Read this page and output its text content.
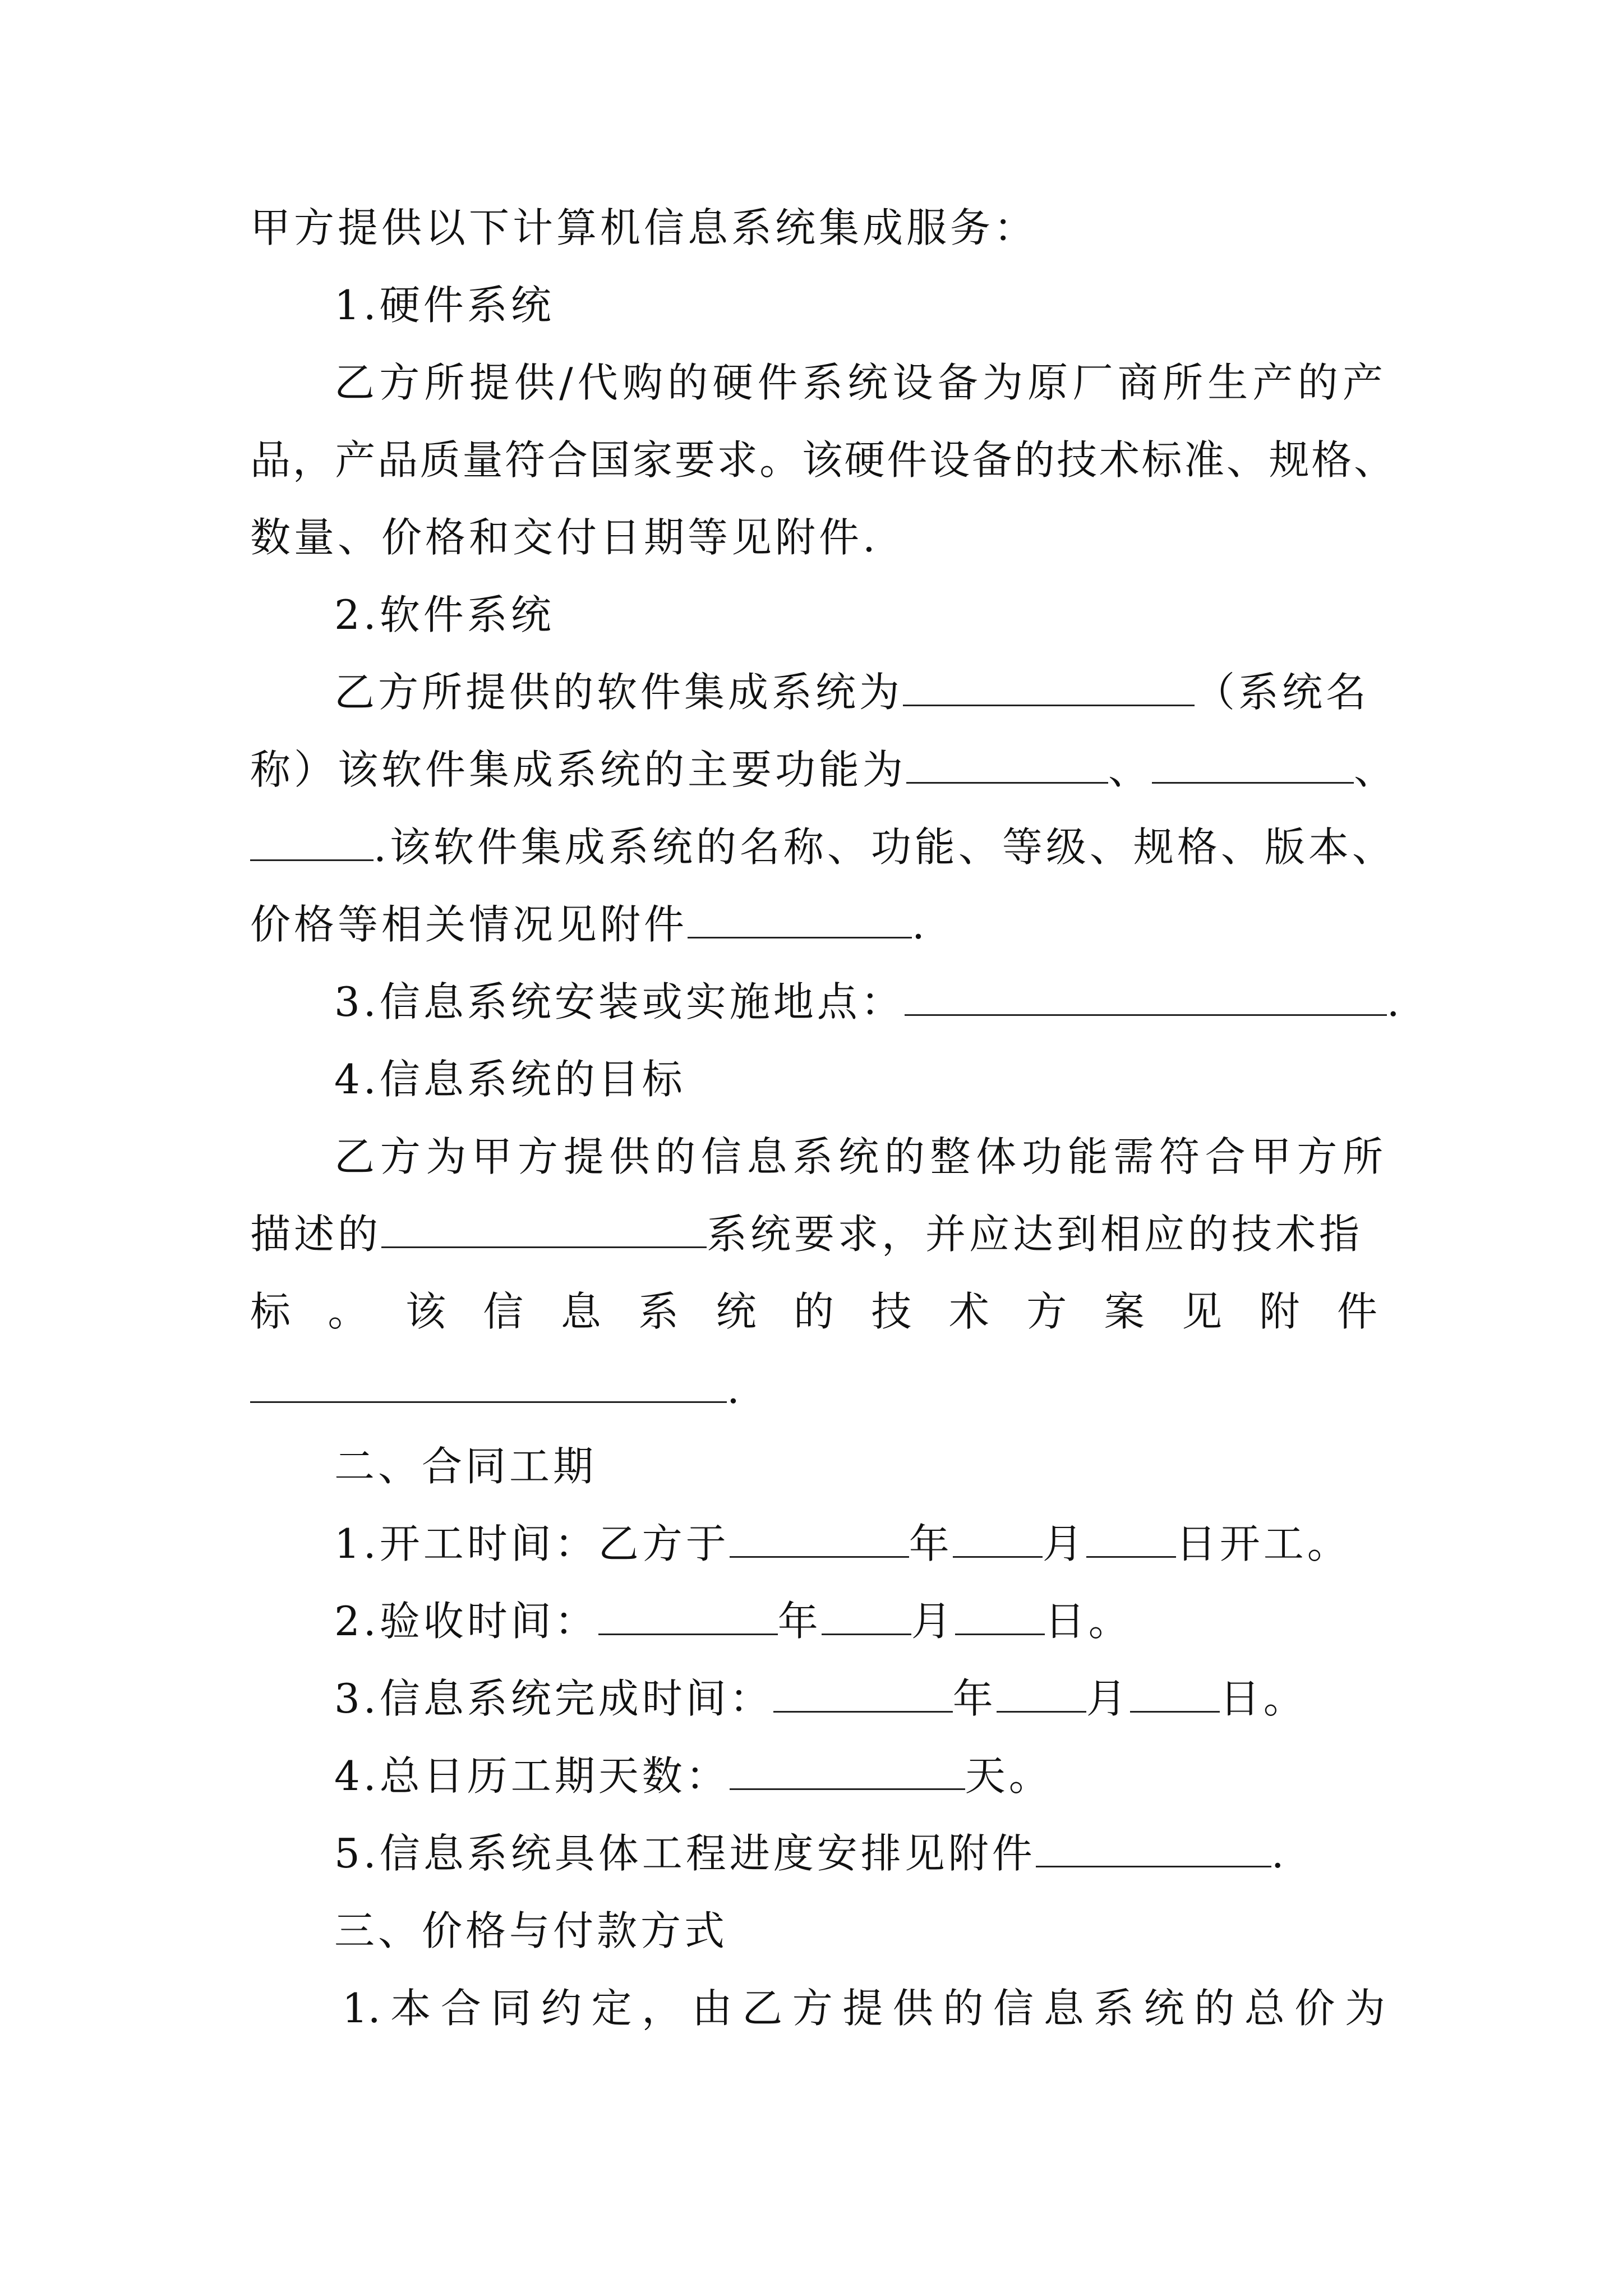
甲方提供以下计算机信息系统集成服务：
1.硬件系统
乙方所提供/代购的硬件系统设备为原厂商所生产的产
品，产品质量符合国家要求。该硬件设备的技术标准、规格、
数量、价格和交付日期等见附件.
2.软件系统
乙方所提供的软件集成系统为	（系统名
称）该软件集成系统的主要功能为	、	、
.该软件集成系统的名称、功能、等级、规格、版本、
价格等相关情况见附件	.
3.信息系统安装或实施地点：	.
4.信息系统的目标
乙方为甲方提供的信息系统的整体功能需符合甲方所
描述的	系统要求，并应达到相应的技术指
标。该信息系统的技术方案见附件
.
二、合同工期
1.开工时间：乙方于	年 月 日开工。
2.验收时间：	年 月 日。
3.信息系统完成时间：	年 月 日。
4.总日历工期天数：	天。
5.信息系统具体工程进度安排见附件	.
三、价格与付款方式
1.本合同约定，由乙方提供的信息系统的总价为
